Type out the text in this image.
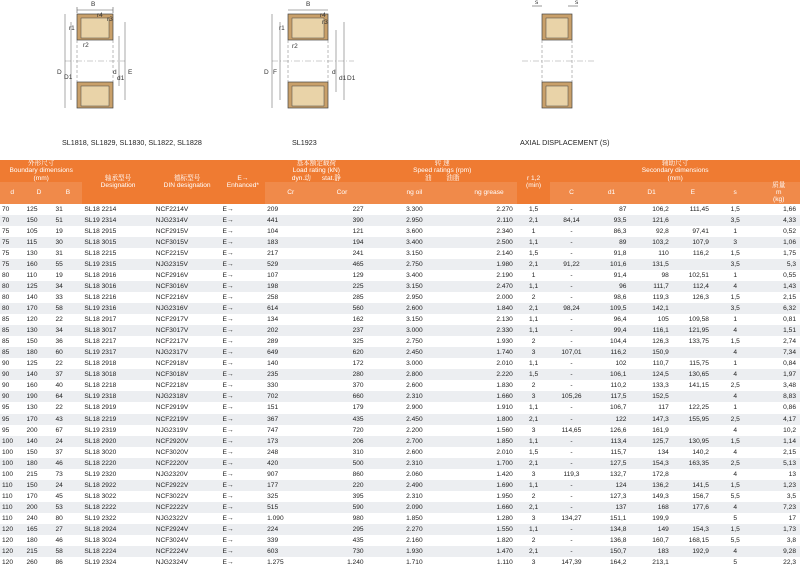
B
r4
r3
r1
r2
D
D1
d
d1
E
B
r4
r3
r1
r2
D F	d
d1 D1
s	s
SL1818, SL1829, SL1830, SL1822, SL1828	SL1923	AXIAL DISPLACEMENT (S)
外形尺寸
Boundary dimensions
(mm)			轴承型号
Designation	德标型号
DIN designation	E→
Enhanced*	基本额定载荷
Load rating (kN)
dyn.动 stat.静		转 速
Speed ratings (rpm)
油 油脂		r 1,2
(min)	辅助尺寸
Secondary dimensions
(mm)					

d	D	B				Cr	Cor	ng oil	ng grease		C	d1	D1	E	s	质量
m
(kg)

70	125	31	SL18 2214	NCF2214V	E→	209	227	3.300	2.270	1,5	-	87	106,2	111,45	1,5	1,66
70	150	51	SL19 2314	NJG2314V	E→	441	390	2.950	2.110	2,1	84,14	93,5	121,6		3,5	4,33
75	105	19	SL18 2915	NCF2915V	E→	104	121	3.600	2.340	1	-	86,3	92,8	97,41	1	0,52
75	115	30	SL18 3015	NCF3015V	E→	183	194	3.400	2.500	1,1	-	89	103,2	107,9	3	1,06
75	130	31	SL18 2215	NCF2215V	E→	217	241	3.150	2.140	1,5	-	91,8	110	116,2	1,5	1,75
75	160	55	SL19 2315	NJG2315V	E→	529	465	2.750	1.980	2,1	91,22	101,6	131,5		3,5	5,3
80	110	19	SL18 2916	NCF2916V	E→	107	129	3.400	2.190	1	-	91,4	98	102,51	1	0,55
80	125	34	SL18 3016	NCF3016V	E→	198	225	3.150	2.470	1,1	-	96	111,7	112,4	4	1,43
80	140	33	SL18 2216	NCF2216V	E→	258	285	2.950	2.000	2	-	98,6	119,3	126,3	1,5	2,15
80	170	58	SL19 2316	NJG2316V	E→	614	560	2.600	1.840	2,1	98,24	109,5	142,1		3,5	6,32
85	120	22	SL18 2917	NCF2917V	E→	134	162	3.150	2.130	1,1	-	96,4	105	109,58	1	0,81
85	130	34	SL18 3017	NCF3017V	E→	202	237	3.000	2.330	1,1	-	99,4	116,1	121,95	4	1,51
85	150	36	SL18 2217	NCF2217V	E→	289	325	2.750	1.930	2	-	104,4	126,3	133,75	1,5	2,74
85	180	60	SL19 2317	NJG2317V	E→	649	620	2.450	1.740	3	107,01	116,2	150,9		4	7,34
90	125	22	SL18 2918	NCF2918V	E→	140	172	3.000	2.010	1,1	-	102	110,7	115,75	1	0,84
90	140	37	SL18 3018	NCF3018V	E→	235	280	2.800	2.220	1,5	-	106,1	124,5	130,65	4	1,97
90	160	40	SL18 2218	NCF2218V	E→	330	370	2.600	1.830	2	-	110,2	133,3	141,15	2,5	3,48
90	190	64	SL19 2318	NJG2318V	E→	702	660	2.310	1.660	3	105,26	117,5	152,5		4	8,83
95	130	22	SL18 2919	NCF2919V	E→	151	179	2.900	1.910	1,1	-	106,7	117	122,25	1	0,86
95	170	43	SL18 2219	NCF2219V	E→	367	435	2.450	1.800	2,1	-	122	147,3	155,95	2,5	4,17
95	200	67	SL19 2319	NJG2319V	E→	747	720	2.200	1.560	3	114,65	126,6	161,9		4	10,2
100	140	24	SL18 2920	NCF2920V	E→	173	206	2.700	1.850	1,1	-	113,4	125,7	130,95	1,5	1,14
100	150	37	SL18 3020	NCF3020V	E→	248	310	2.600	2.010	1,5	-	115,7	134	140,2	4	2,15
100	180	46	SL18 2220	NCF2220V	E→	420	500	2.310	1.700	2,1	-	127,5	154,3	163,35	2,5	5,13
100	215	73	SL19 2320	NJG2320V	E→	907	860	2.060	1.420	3	119,3	132,7	172,8		4	13
110	150	24	SL18 2922	NCF2922V	E→	177	220	2.490	1.690	1,1	-	124	136,2	141,5	1,5	1,23
110	170	45	SL18 3022	NCF3022V	E→	325	395	2.310	1.950	2	-	127,3	149,3	156,7	5,5	3,5
110	200	53	SL18 2222	NCF2222V	E→	515	590	2.090	1.660	2,1	-	137	168	177,6	4	7,23
110	240	80	SL19 2322	NJG2322V	E→	1.090	980	1.850	1.280	3	134,27	151,1	199,9		5	17
120	165	27	SL18 2924	NCF2924V	E→	224	295	2.270	1.550	1,1	-	134,8	149	154,3	1,5	1,73
120	180	46	SL18 3024	NCF3024V	E→	339	435	2.160	1.820	2	-	136,8	160,7	168,15	5,5	3,8
120	215	58	SL18 2224	NCF2224V	E→	603	730	1.930	1.470	2,1	-	150,7	183	192,9	4	9,28
120	260	86	SL19 2324	NJG2324V	E→	1.275	1.240	1.710	1.110	3	147,39	164,2	213,1		5	22,3
